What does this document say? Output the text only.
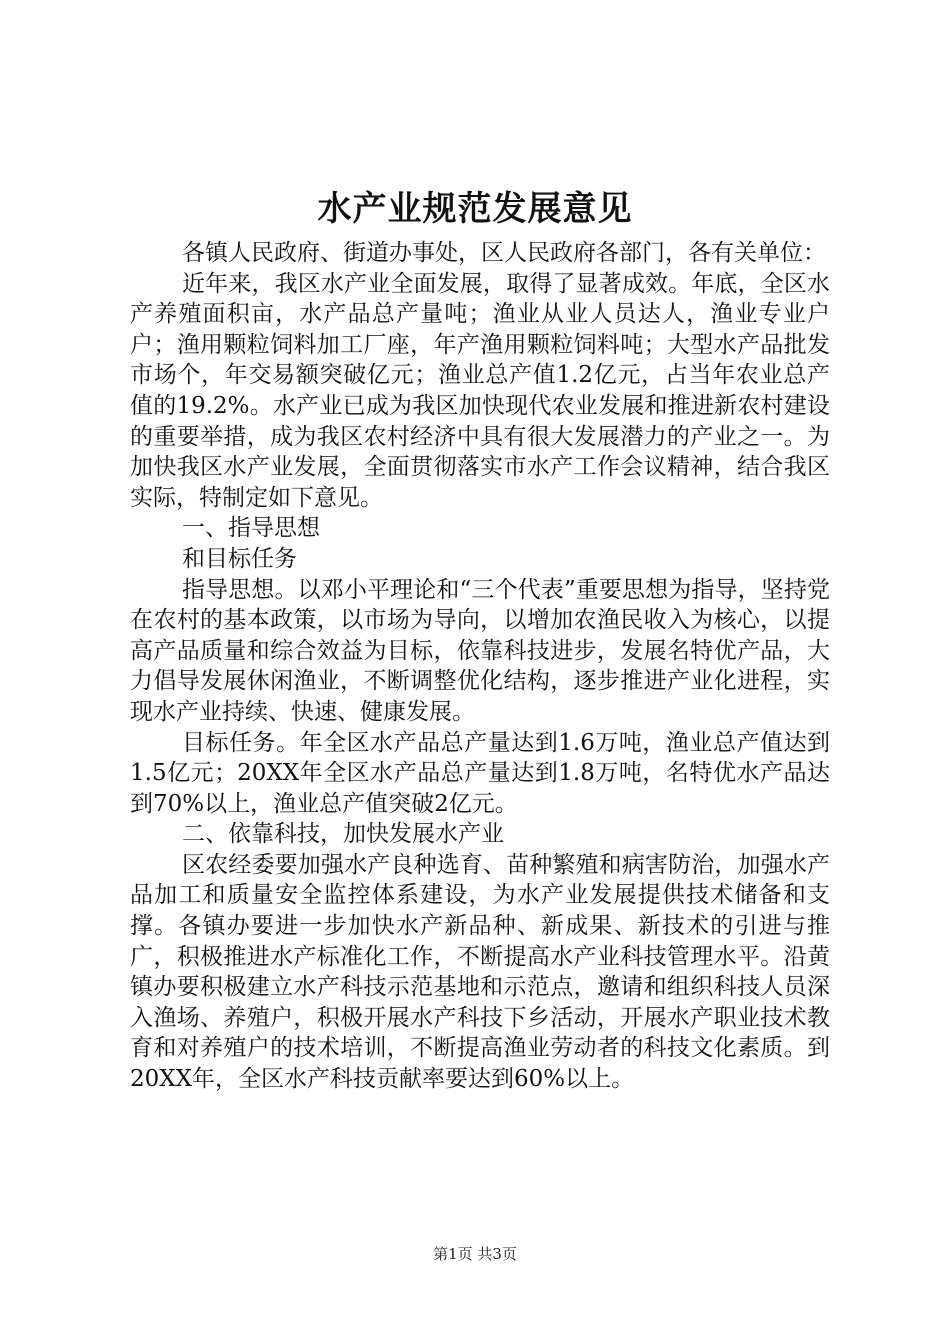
水产业规范发展意见

各镇人民政府、街道办事处，区人民政府各部门，各有关单位：

近年来，我区水产业全面发展，取得了显著成效。年底，全区水产养殖面积亩，水产品总产量吨；渔业从业人员达人，渔业专业户户；渔用颗粒饲料加工厂座，年产渔用颗粒饲料吨；大型水产品批发市场个，年交易额突破亿元；渔业总产值1.2亿元，占当年农业总产值的19.2%。水产业已成为我区加快现代农业发展和推进新农村建设的重要举措，成为我区农村经济中具有很大发展潜力的产业之一。为加快我区水产业发展，全面贯彻落实市水产工作会议精神，结合我区实际，特制定如下意见。

一、指导思想

和目标任务

指导思想。以邓小平理论和“三个代表”重要思想为指导，坚持党在农村的基本政策，以市场为导向，以增加农渔民收入为核心，以提高产品质量和综合效益为目标，依靠科技进步，发展名特优产品，大力倡导发展休闲渔业，不断调整优化结构，逐步推进产业化进程，实现水产业持续、快速、健康发展。

目标任务。年全区水产品总产量达到1.6万吨，渔业总产值达到1.5亿元；20XX年全区水产品总产量达到1.8万吨，名特优水产品达到70%以上，渔业总产值突破2亿元。

二、依靠科技，加快发展水产业

区农经委要加强水产良种选育、苗种繁殖和病害防治，加强水产品加工和质量安全监控体系建设，为水产业发展提供技术储备和支撑。各镇办要进一步加快水产新品种、新成果、新技术的引进与推广，积极推进水产标准化工作，不断提高水产业科技管理水平。沿黄镇办要积极建立水产科技示范基地和示范点，邀请和组织科技人员深入渔场、养殖户，积极开展水产科技下乡活动，开展水产职业技术教育和对养殖户的技术培训，不断提高渔业劳动者的科技文化素质。到20XX年，全区水产科技贡献率要达到60%以上。

第1页 共3页
